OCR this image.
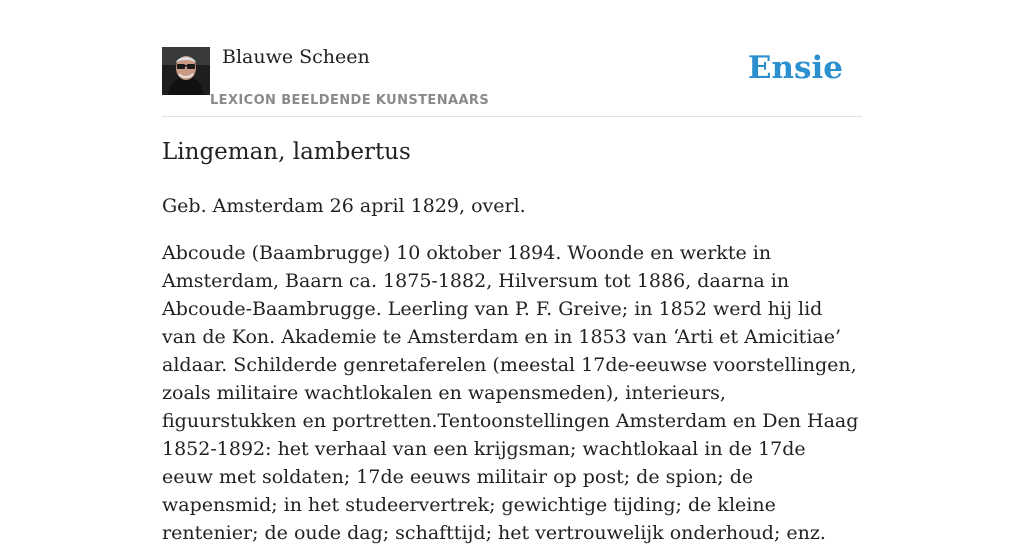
Blauwe Scheen
LEXICON BEELDENDE KUNSTENAARS
Ensie
Lingeman, lambertus

Geb. Amsterdam 26 april 1829, overl.

Abcoude (Baambrugge) 10 oktober 1894. Woonde en werkte in Amsterdam, Baarn ca. 1875-1882, Hilversum tot 1886, daarna in Abcoude-Baambrugge. Leerling van P. F. Greive; in 1852 werd hij lid van de Kon. Akademie te Amsterdam en in 1853 van ‘Arti et Amicitiae’ aldaar. Schilderde genretaferelen (meestal 17de-eeuwse voorstellingen, zoals militaire wachtlokalen en wapensmeden), interieurs, figuurstukken en portretten.Tentoonstellingen Amsterdam en Den Haag 1852-1892: het verhaal van een krijgsman; wachtlokaal in de 17de eeuw met soldaten; 17de eeuws militair op post; de spion; de wapensmid; in het studeervertrek; gewichtige tijding; de kleine rentenier; de oude dag; schafttijd; het vertrouwelijk onderhoud; enz.
